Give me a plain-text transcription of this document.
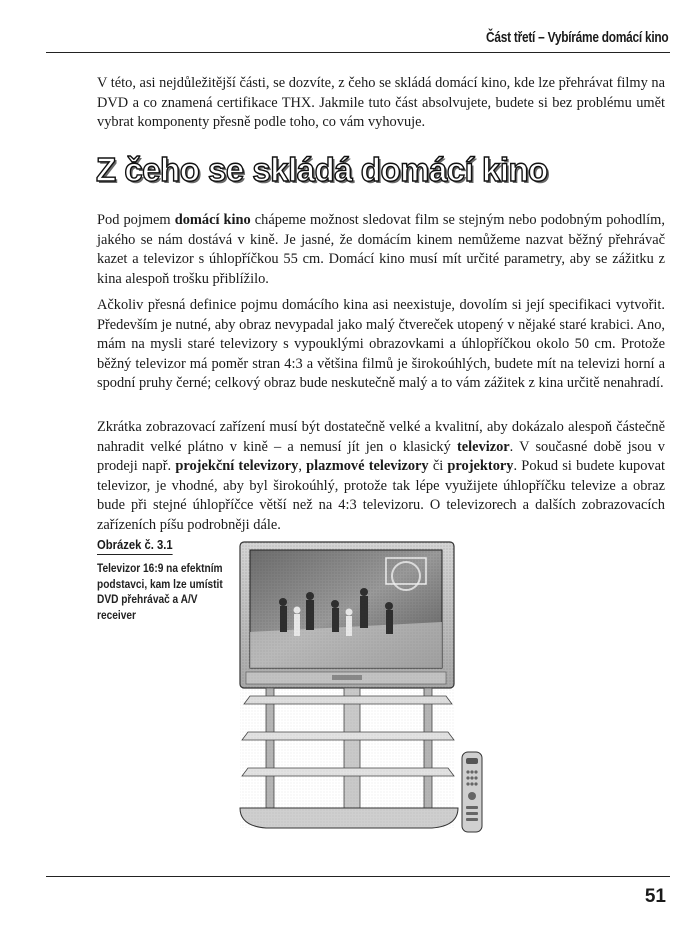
Část třetí – Vybíráme domácí kino

V této, asi nejdůležitější části, se dozvíte, z čeho se skládá domácí kino, kde lze přehrávat filmy na DVD a co znamená certifikace THX. Jakmile tuto část absolvujete, budete si bez problému umět vybrat komponenty přesně podle toho, co vám vyhovuje.

Z čeho se skládá domácí kino

Pod pojmem domácí kino chápeme možnost sledovat film se stejným nebo podobným pohodlím, jakého se nám dostává v kině. Je jasné, že domácím kinem nemůžeme nazvat běžný přehrávač kazet a televizor s úhlopříčkou 55 cm. Domácí kino musí mít určité parametry, aby se zážitku z kina alespoň trošku přiblížilo.

Ačkoliv přesná definice pojmu domácího kina asi neexistuje, dovolím si její specifikaci vytvořit. Především je nutné, aby obraz nevypadal jako malý čtvereček utopený v nějaké staré krabici. Ano, mám na mysli staré televizory s vypouklými obrazovkami a úhlopříčkou okolo 50 cm. Protože běžný televizor má poměr stran 4:3 a většina filmů je širokoúhlých, budete mít na televizi horní a spodní pruhy černé; celkový obraz bude neskutečně malý a to vám zážitek z kina určitě nenahradí.

Zkrátka zobrazovací zařízení musí být dostatečně velké a kvalitní, aby dokázalo alespoň částečně nahradit velké plátno v kině – a nemusí jít jen o klasický televizor. V současné době jsou v prodeji např. projekční televizory, plazmové televizory či projektory. Pokud si budete kupovat televizor, je vhodné, aby byl širokoúhlý, protože tak lépe využijete úhlopříčku televize a obraz bude při stejné úhlopříčce větší než na 4:3 televizoru. O televizorech a dalších zobrazovacích zařízeních píšu podrobněji dále.

Obrázek č. 3.1
Televizor 16:9 na efektním podstavci, kam lze umístit DVD přehrávač a A/V receiver
51
